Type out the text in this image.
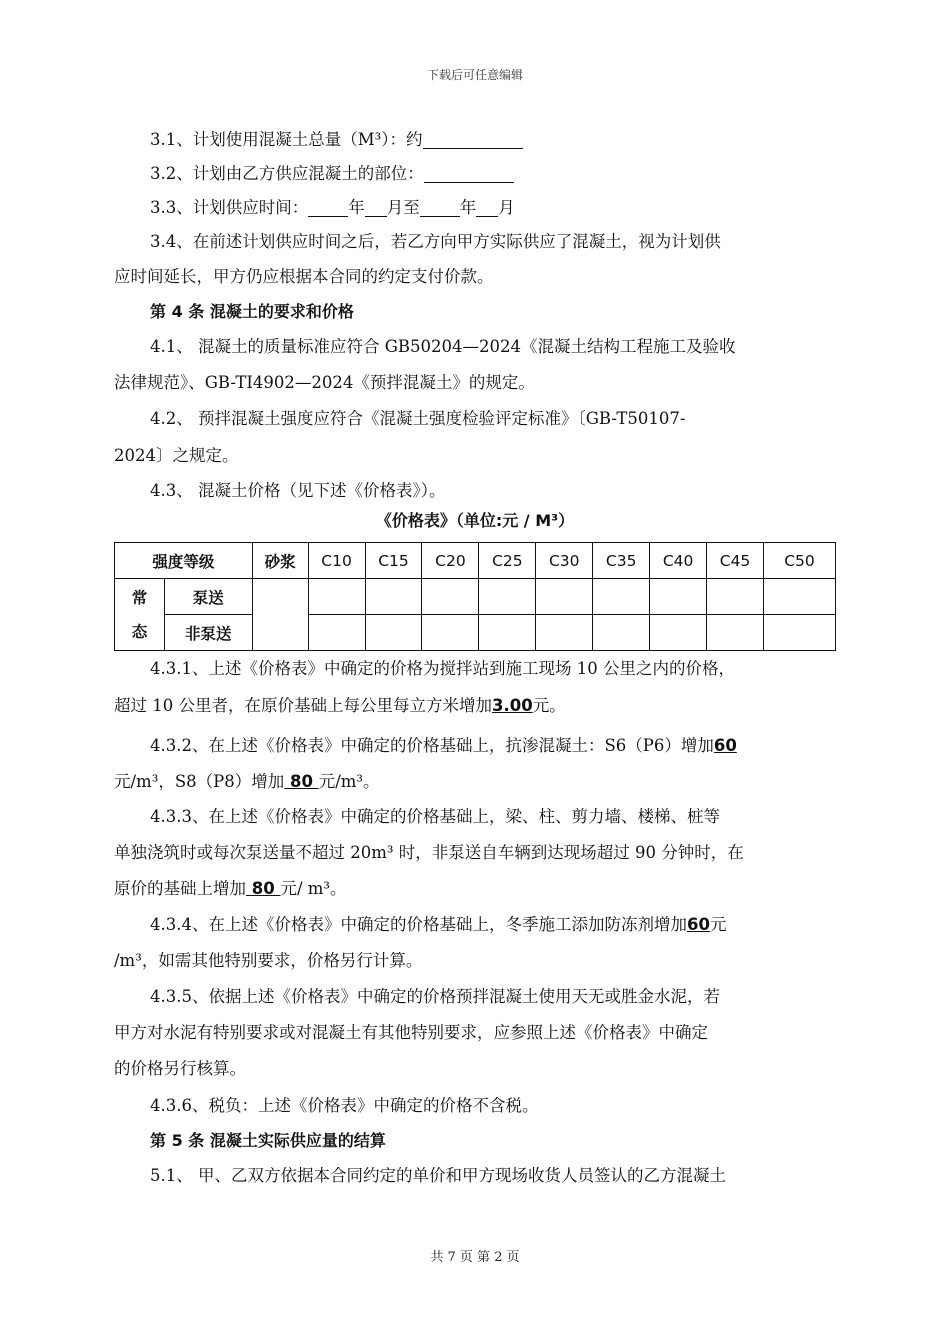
下载后可任意编辑
3.1、计划使用混凝土总量（M³）：约
3.2、计划由乙方供应混凝土的部位：
3.3、计划供应时间： 年 月至 年 月
3.4、在前述计划供应时间之后，若乙方向甲方实际供应了混凝土，视为计划供
应时间延长，甲方仍应根据本合同的约定支付价款。
第 4 条 混凝土的要求和价格
4.1、 混凝土的质量标准应符合 GB50204—2024《混凝土结构工程施工及验收
法律规范》、GB-TI4902—2024《预拌混凝土》的规定。
4.2、 预拌混凝土强度应符合《混凝土强度检验评定标准》〔GB-T50107-
2024〕之规定。
4.3、 混凝土价格（见下述《价格表》）。
《价格表》（单位:元 / M³）
强度等级		砂浆	C10	C15	C20	C25	C30	C35	C40	C45	C50
常
态	泵送										
	非泵送										
4.3.1、上述《价格表》中确定的价格为搅拌站到施工现场 10 公里之内的价格，
超过 10 公里者，在原价基础上每公里每立方米增加3.00元。
4.3.2、在上述《价格表》中确定的价格基础上，抗渗混凝土：S6（P6）增加60
元/m³，S8（P8）增加 80 元/m³。
4.3.3、在上述《价格表》中确定的价格基础上，梁、柱、剪力墙、楼梯、桩等
单独浇筑时或每次泵送量不超过 20m³ 时，非泵送自车辆到达现场超过 90 分钟时，在
原价的基础上增加 80 元/ m³。
4.3.4、在上述《价格表》中确定的价格基础上，冬季施工添加防冻剂增加60元
/m³，如需其他特别要求，价格另行计算。
4.3.5、依据上述《价格表》中确定的价格预拌混凝土使用天无或胜金水泥，若
甲方对水泥有特别要求或对混凝土有其他特别要求，应参照上述《价格表》中确定
的价格另行核算。
4.3.6、税负：上述《价格表》中确定的价格不含税。
第 5 条 混凝土实际供应量的结算
5.1、 甲、乙双方依据本合同约定的单价和甲方现场收货人员签认的乙方混凝土
共 7 页 第 2 页
